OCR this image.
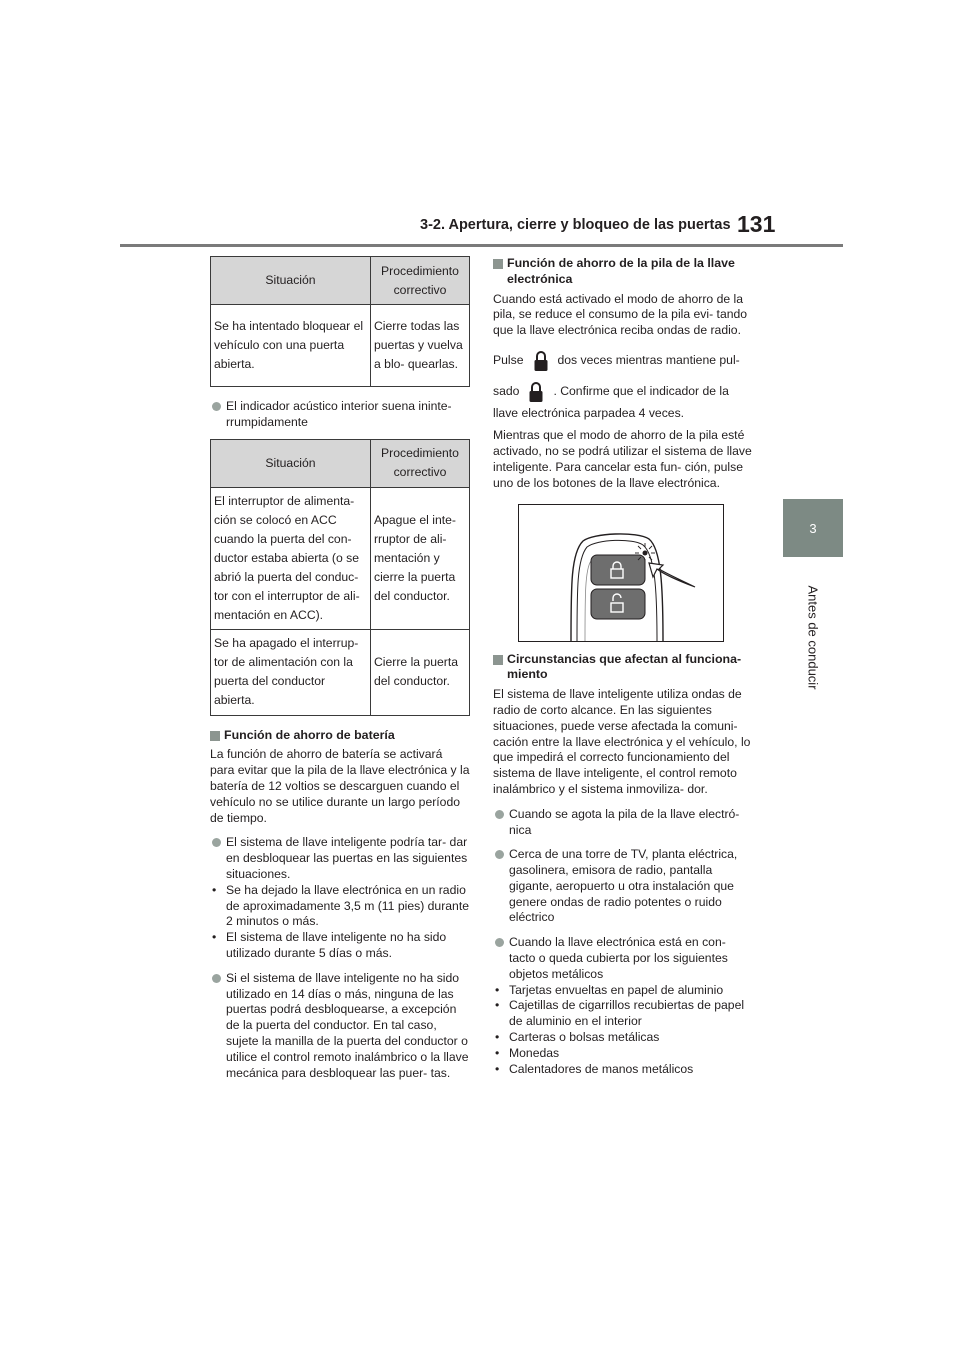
3-2. Apertura, cierre y bloqueo de las puertas 131
3
Antes de conducir
Situación	Procedimiento correctivo
Se ha intentado bloquear el vehículo con una puerta abierta.	Cierre todas las puertas y vuelva a blo- quearlas.
El indicador acústico interior suena ininte- rrumpidamente
Situación	Procedimiento correctivo
El interruptor de alimenta- ción se colocó en ACC cuando la puerta del con- ductor estaba abierta (o se abrió la puerta del conduc- tor con el interruptor de ali- mentación en ACC).	Apague el inte- rruptor de ali- mentación y cierre la puerta del conductor.
Se ha apagado el interrup- tor de alimentación con la puerta del conductor abierta.	Cierre la puerta del conductor.
Función de ahorro de batería
La función de ahorro de batería se activará para evitar que la pila de la llave electrónica y la batería de 12 voltios se descarguen cuando el vehículo no se utilice durante un largo período de tiempo.
El sistema de llave inteligente podría tar- dar en desbloquear las puertas en las siguientes situaciones.
• Se ha dejado la llave electrónica en un radio de aproximadamente 3,5 m (11 pies) durante 2 minutos o más.
• El sistema de llave inteligente no ha sido utilizado durante 5 días o más.
Si el sistema de llave inteligente no ha sido utilizado en 14 días o más, ninguna de las puertas podrá desbloquearse, a excepción de la puerta del conductor. En tal caso, sujete la manilla de la puerta del conductor o utilice el control remoto inalámbrico o la llave mecánica para desbloquear las puer- tas.
Función de ahorro de la pila de la llave electrónica
Cuando está activado el modo de ahorro de la pila, se reduce el consumo de la pila evi- tando que la llave electrónica reciba ondas de radio.
Pulse	dos veces mientras mantiene pul-
sado	. Confirme que el indicador de la
llave electrónica parpadea 4 veces.
Mientras que el modo de ahorro de la pila esté activado, no se podrá utilizar el sistema de llave inteligente. Para cancelar esta fun- ción, pulse uno de los botones de la llave electrónica.
Circunstancias que afectan al funciona- miento
El sistema de llave inteligente utiliza ondas de radio de corto alcance. En las siguientes situaciones, puede verse afectada la comuni- cación entre la llave electrónica y el vehículo, lo que impedirá el correcto funcionamiento del sistema de llave inteligente, el control remoto inalámbrico y el sistema inmoviliza- dor.
Cuando se agota la pila de la llave electró- nica
Cerca de una torre de TV, planta eléctrica, gasolinera, emisora de radio, pantalla gigante, aeropuerto u otra instalación que genere ondas de radio potentes o ruido eléctrico
Cuando la llave electrónica está en con- tacto o queda cubierta por los siguientes objetos metálicos
• Tarjetas envueltas en papel de aluminio
• Cajetillas de cigarrillos recubiertas de papel de aluminio en el interior
• Carteras o bolsas metálicas
• Monedas
• Calentadores de manos metálicos
